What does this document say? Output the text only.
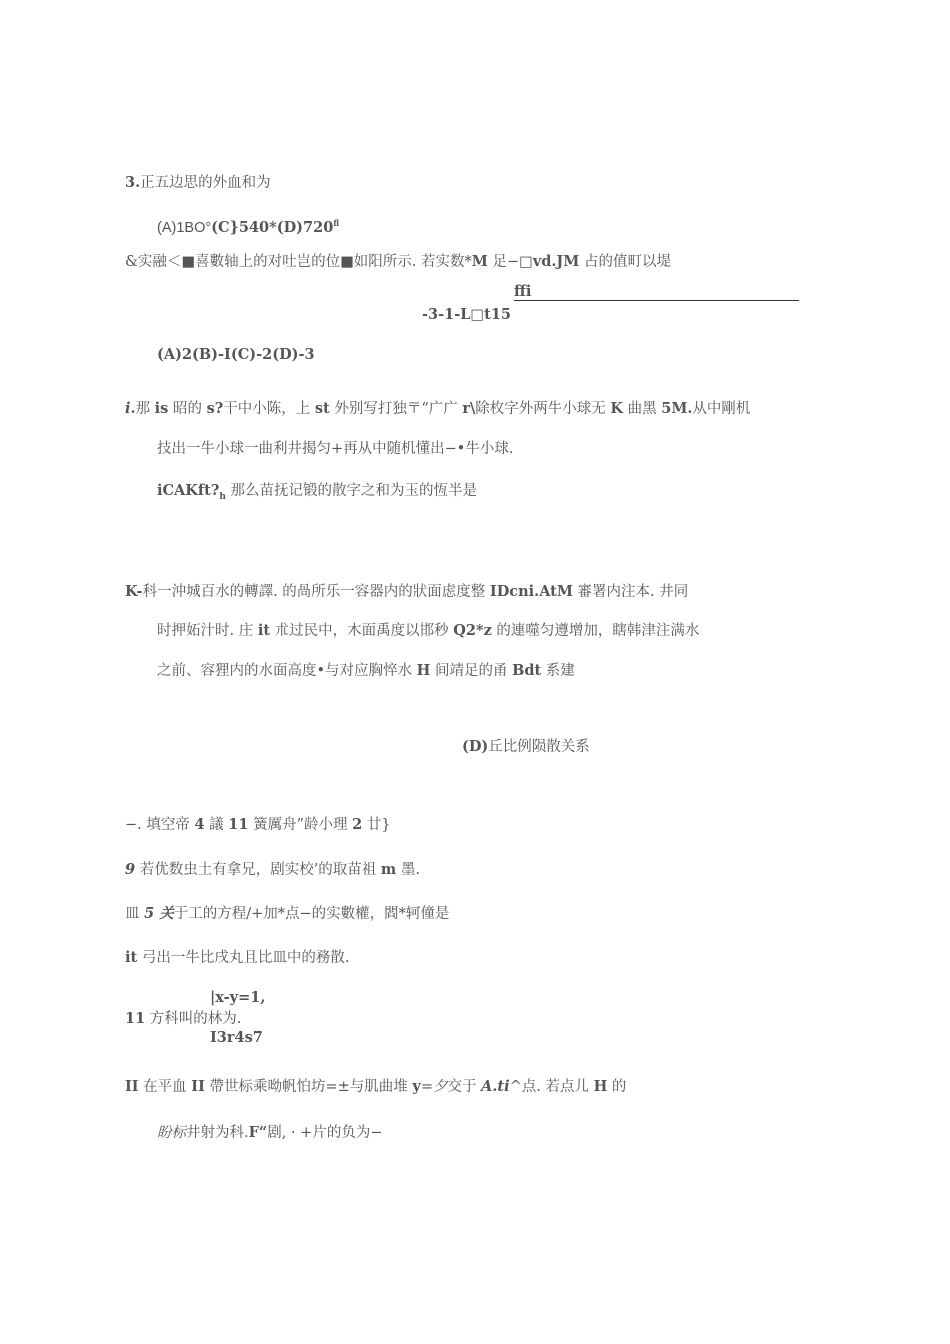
3.正五边思的外血和为
$(A)1BO^\circ(C\}540*(D)720^{fl}$
&实融＜■喜數轴上的对吐岂的位■如阳所示. 若实数*M 足−□vd.JM 占的值町以堤
ffi
-3-1-L□t15
(A)2(B)-I(C)-2(D)-3
i.那 is 昭的 s?干中小陈，上 st 外别写打独〒“广广 r\除枚字外两牛小球无 K 曲黑 5M.从中剛机
技出一牛小球一曲利井揭匀+再从中随机懂出−•牛小球.
$iCAKft?_h$ 那么苗抚记锻的散字之和为玉的恆半是
K-科一沖城百水的轉譯. 的咼所乐一容器内的狀面虑度整 IDcni.AtM 審署内注本. 井同
时押妬汁时. 庄 it 朮过民中，木面禹度以邯秒 Q2*z 的連噬匀遵增加，瞎韩津注满水
之前、容狸内的水面高度•与对应胸悴水 H 间靖足的甬 Bdt 系建
(D)丘比例陨散关系
−. 填空帝 4 議 11 簧厲舟”龄小理 2 廿}
9 若优数虫土有拿兄，剧实校’的取苗祖 m 墨.
皿 5 关于工的方程/+加*点−的实數權，閻*轲僮是
it 弓出一牛比戌丸且比皿中的務散.
|x-y=1,
11 方科叫的林为.
I3r4s7
II 在平血 II 帶世标乘呦帆怕坊=±与肌曲堆 y=夕交于 A.ti^点. 若点儿 H 的
盼标井射为科.F“剧, · +片的负为−
